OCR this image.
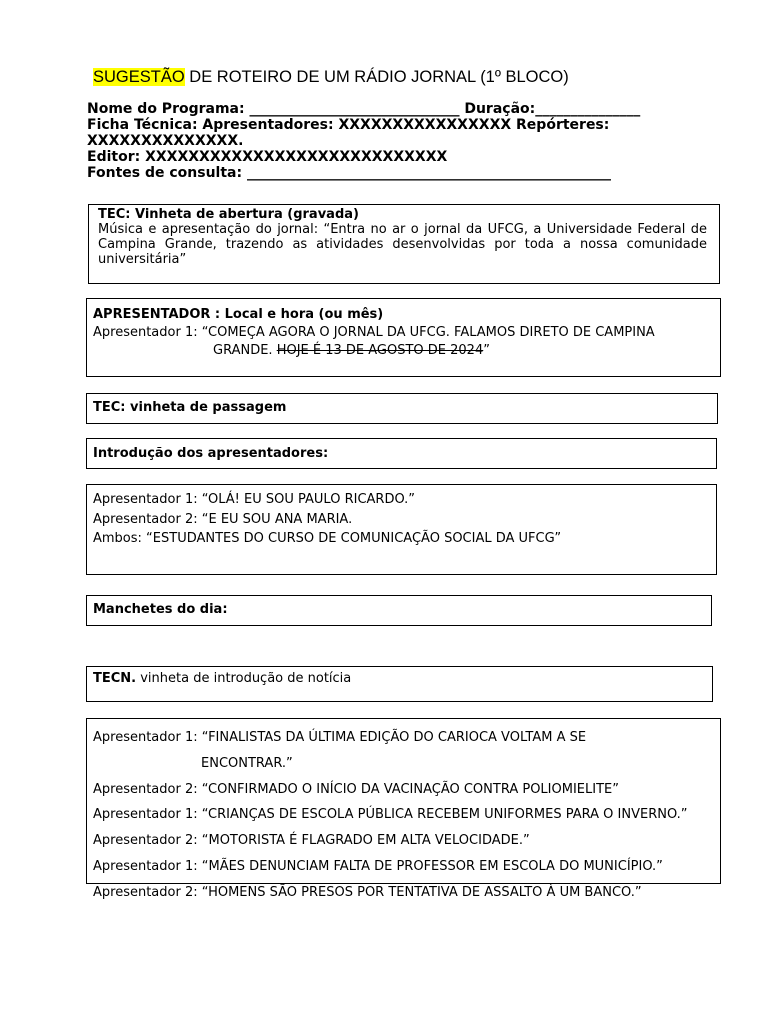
SUGESTÃO DE ROTEIRO DE UM RÁDIO JORNAL (1º BLOCO)
Nome do Programa: ______________________________ Duração:_______________
Ficha Técnica: Apresentadores: XXXXXXXXXXXXXXXX Repórteres:
XXXXXXXXXXXXXX.
Editor: XXXXXXXXXXXXXXXXXXXXXXXXXXXX
Fontes de consulta: ____________________________________________________
TEC: Vinheta de abertura (gravada)
Música e apresentação do jornal: “Entra no ar o jornal da UFCG, a Universidade Federal de Campina Grande, trazendo as atividades desenvolvidas por toda a nossa comunidade universitária”
APRESENTADOR : Local e hora (ou mês)
Apresentador 1: “COMEÇA AGORA O JORNAL DA UFCG. FALAMOS DIRETO DE CAMPINA
GRANDE. HOJE É 13 DE AGOSTO DE 2024”
TEC: vinheta de passagem
Introdução dos apresentadores:
Apresentador 1: “OLÁ! EU SOU PAULO RICARDO.”
Apresentador 2: “E EU SOU ANA MARIA.
Ambos: “ESTUDANTES DO CURSO DE COMUNICAÇÃO SOCIAL DA UFCG”
Manchetes do dia:
TECN. vinheta de introdução de notícia
Apresentador 1: “FINALISTAS DA ÚLTIMA EDIÇÃO DO CARIOCA VOLTAM A SE
ENCONTRAR.”
Apresentador 2: “CONFIRMADO O INÍCIO DA VACINAÇÃO CONTRA POLIOMIELITE”
Apresentador 1: “CRIANÇAS DE ESCOLA PÚBLICA RECEBEM UNIFORMES PARA O INVERNO.”
Apresentador 2: “MOTORISTA É FLAGRADO EM ALTA VELOCIDADE.”
Apresentador 1: “MÃES DENUNCIAM FALTA DE PROFESSOR EM ESCOLA DO MUNICÍPIO.”
Apresentador 2: “HOMENS SÃO PRESOS POR TENTATIVA DE ASSALTO À UM BANCO.”
